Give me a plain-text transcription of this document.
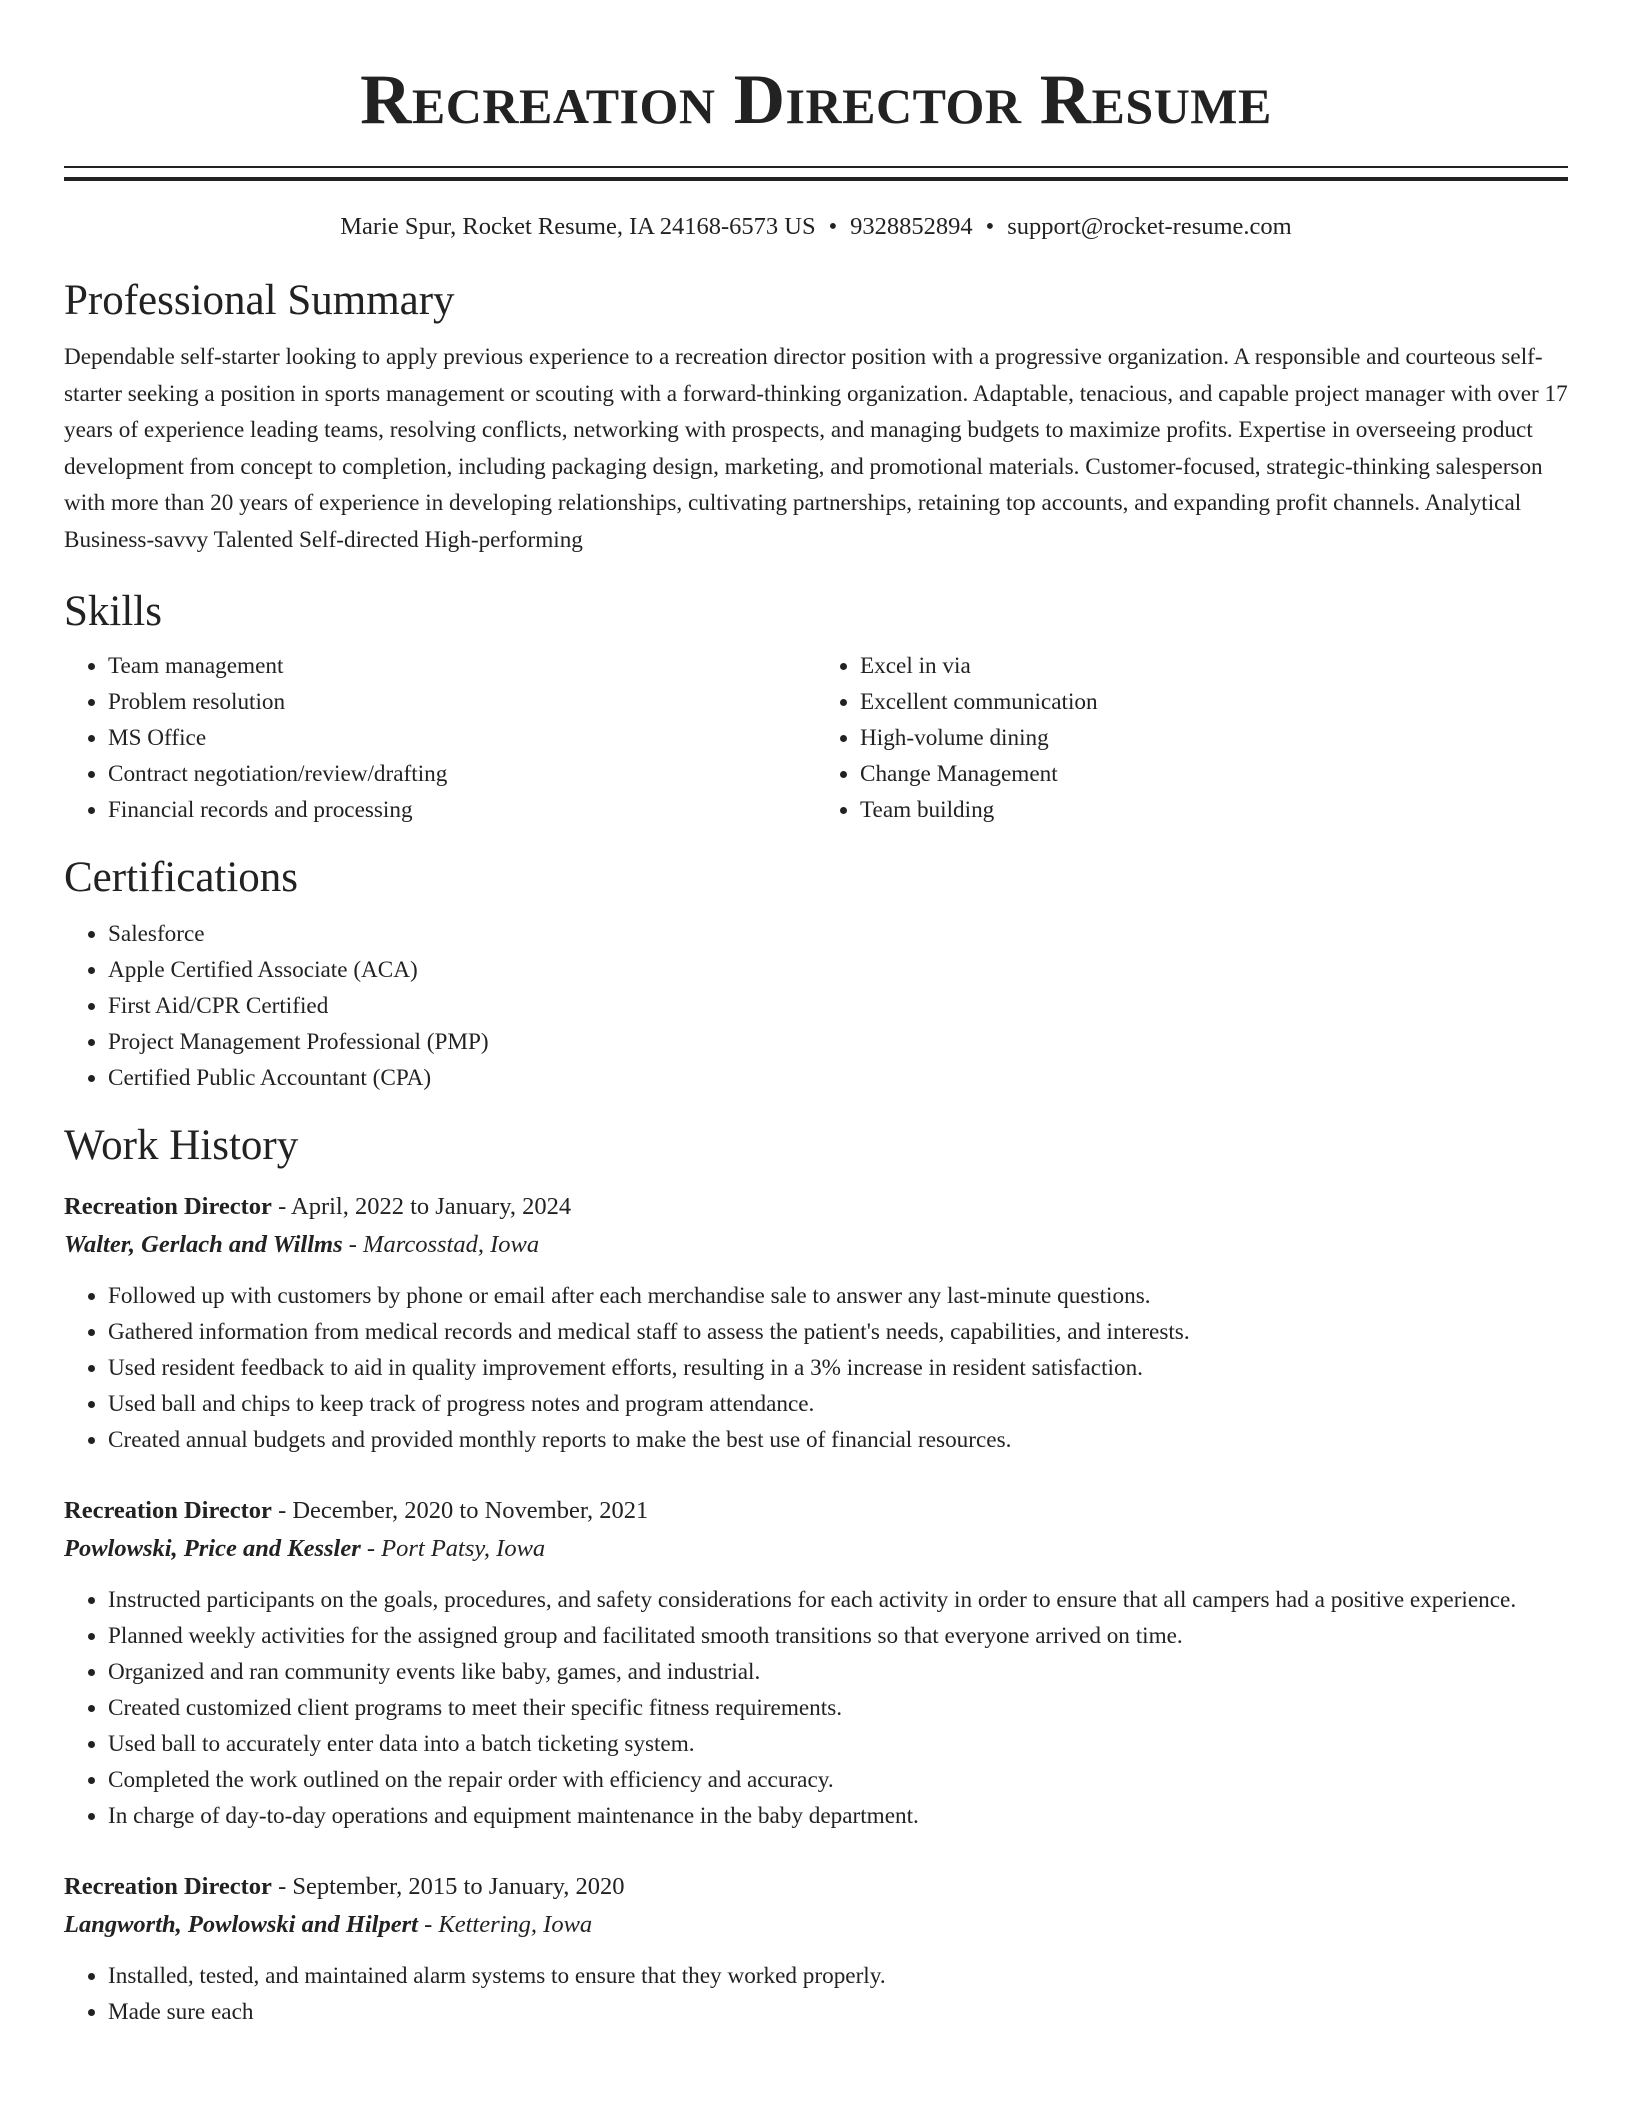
Recreation Director Resume
Marie Spur, Rocket Resume, IA 24168-6573 US • 9328852894 • support@rocket-resume.com
Professional Summary

Dependable self-starter looking to apply previous experience to a recreation director position with a progressive organization. A responsible and courteous self-starter seeking a position in sports management or scouting with a forward-thinking organization. Adaptable, tenacious, and capable project manager with over 17 years of experience leading teams, resolving conflicts, networking with prospects, and managing budgets to maximize profits. Expertise in overseeing product development from concept to completion, including packaging design, marketing, and promotional materials. Customer-focused, strategic-thinking salesperson with more than 20 years of experience in developing relationships, cultivating partnerships, retaining top accounts, and expanding profit channels. Analytical Business-savvy Talented Self-directed High-performing

Skills
• Team management
• Problem resolution
• MS Office
• Contract negotiation/review/drafting
• Financial records and processing
• Excel in via
• Excellent communication
• High-volume dining
• Change Management
• Team building
Certifications
• Salesforce
• Apple Certified Associate (ACA)
• First Aid/CPR Certified
• Project Management Professional (PMP)
• Certified Public Accountant (CPA)
Work History
Recreation Director - April, 2022 to January, 2024
Walter, Gerlach and Willms - Marcosstad, Iowa
• Followed up with customers by phone or email after each merchandise sale to answer any last-minute questions.
• Gathered information from medical records and medical staff to assess the patient's needs, capabilities, and interests.
• Used resident feedback to aid in quality improvement efforts, resulting in a 3% increase in resident satisfaction.
• Used ball and chips to keep track of progress notes and program attendance.
• Created annual budgets and provided monthly reports to make the best use of financial resources.
Recreation Director - December, 2020 to November, 2021
Powlowski, Price and Kessler - Port Patsy, Iowa
• Instructed participants on the goals, procedures, and safety considerations for each activity in order to ensure that all campers had a positive experience.
• Planned weekly activities for the assigned group and facilitated smooth transitions so that everyone arrived on time.
• Organized and ran community events like baby, games, and industrial.
• Created customized client programs to meet their specific fitness requirements.
• Used ball to accurately enter data into a batch ticketing system.
• Completed the work outlined on the repair order with efficiency and accuracy.
• In charge of day-to-day operations and equipment maintenance in the baby department.
Recreation Director - September, 2015 to January, 2020
Langworth, Powlowski and Hilpert - Kettering, Iowa
• Installed, tested, and maintained alarm systems to ensure that they worked properly.
• Made sure each
